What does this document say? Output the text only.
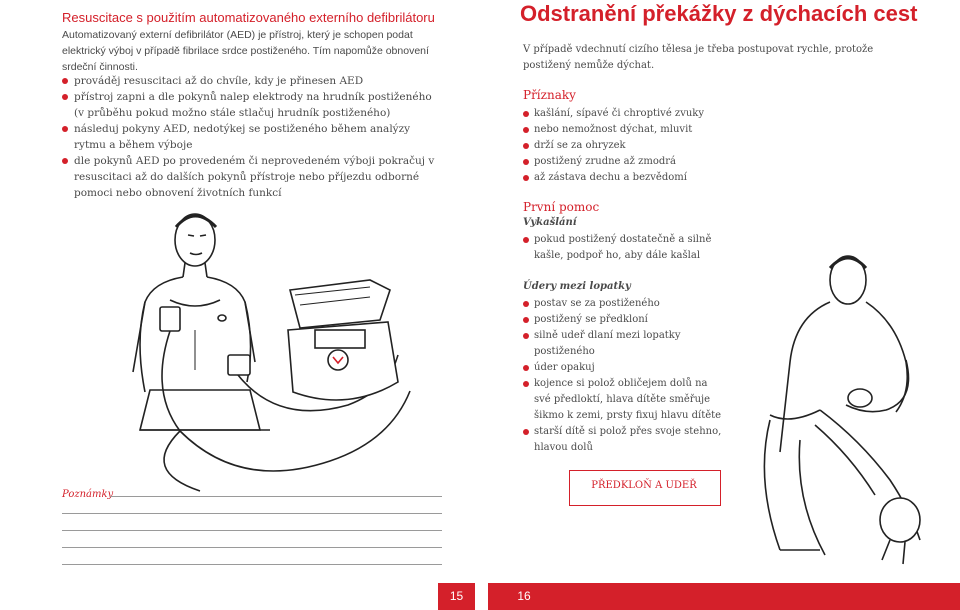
Resuscitace s použitím automatizovaného externího defibrilátoru
Automatizovaný externí defibrilátor (AED) je přístroj, který je schopen podat elektrický výboj v případě fibrilace srdce postiženého. Tím napomůže obnovení srdeční činnosti.
prováděj resuscitaci až do chvíle, kdy je přinesen AED
přístroj zapni a dle pokynů nalep elektrody na hrudník postiženého (v průběhu pokud možno stále stlačuj hrudník postiženého)
následuj pokyny AED, nedotýkej se postiženého během analýzy rytmu a během výboje
dle pokynů AED po provedeném či neprovedeném výboji pokračuj v resuscitaci až do dalších pokynů přístroje nebo příjezdu odborné pomoci nebo obnovení životních funkcí
Poznámky
Odstranění překážky z dýchacích cest
V případě vdechnutí cizího tělesa je třeba postupovat rychle, protože postižený nemůže dýchat.
Příznaky
kašlání, sípavé či chroptivé zvuky
nebo nemožnost dýchat, mluvit
drží se za ohryzek
postižený zrudne až zmodrá
až zástava dechu a bezvědomí
První pomoc
Vykašlání
pokud postižený dostatečně a silně kašle, podpoř ho, aby dále kašlal
Údery mezi lopatky
postav se za postiženého
postižený se předkloní
silně udeř dlaní mezi lopatky postiženého
úder opakuj
kojence si polož obličejem dolů na své předloktí, hlava dítěte směřuje šikmo k zemi, prsty fixuj hlavu dítěte
starší dítě si polož přes svoje stehno, hlavou dolů
PŘEDKLOŇ A UDEŘ
15	16
